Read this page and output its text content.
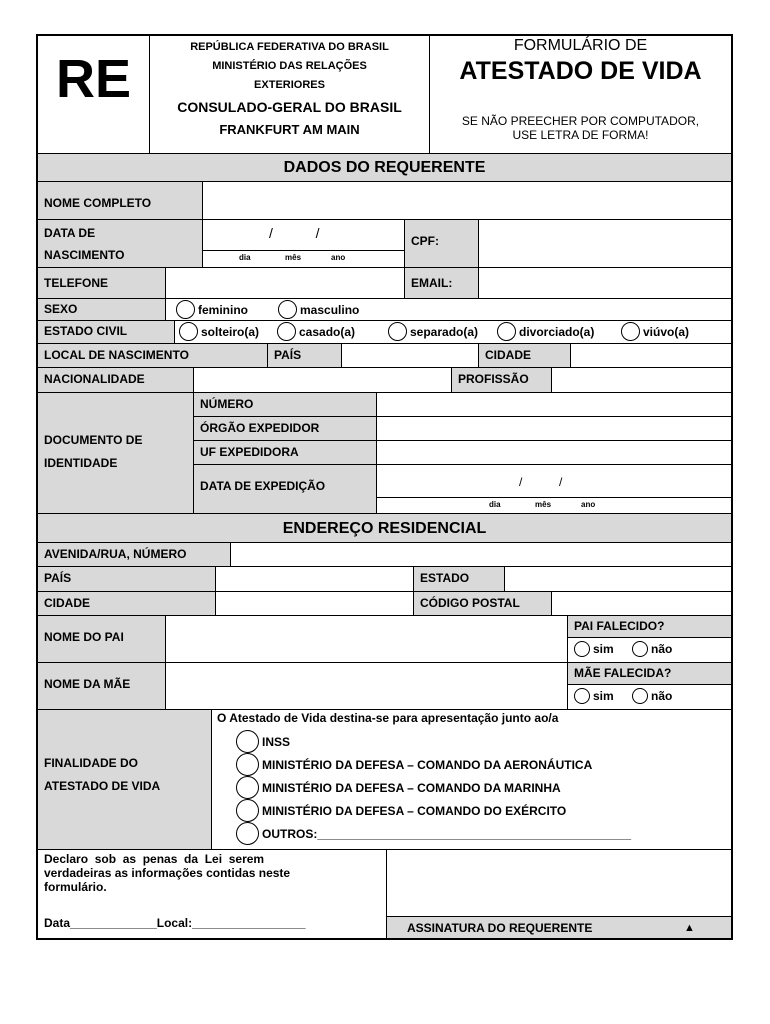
RE
REPÚBLICA FEDERATIVA DO BRASIL
MINISTÉRIO DAS RELAÇÕES
EXTERIORES
CONSULADO-GERAL DO BRASIL
FRANKFURT AM MAIN
FORMULÁRIO DE
ATESTADO DE VIDA
SE NÃO PREECHER POR COMPUTADOR,
USE LETRA DE FORMA!
DADOS DO REQUERENTE
NOME COMPLETO
DATA DE
NASCIMENTO
/           /
dia	mês	ano
CPF:
TELEFONE	EMAIL:
SEXO	feminino	masculino
ESTADO CIVIL	solteiro(a)	casado(a)	separado(a)	divorciado(a)	viúvo(a)
LOCAL DE NASCIMENTO	PAÍS	CIDADE
NACIONALIDADE	PROFISSÃO
DOCUMENTO DE
IDENTIDADE
NÚMERO
ÓRGÃO EXPEDIDOR
UF EXPEDIDORA
DATA DE EXPEDIÇÃO	/           /
dia	mês	ano
ENDEREÇO RESIDENCIAL
AVENIDA/RUA, NÚMERO
PAÍS	ESTADO
CIDADE	CÓDIGO POSTAL
NOME DO PAI
PAI FALECIDO?
sim	não
NOME DA MÃE
MÃE FALECIDA?
sim	não
FINALIDADE DO
ATESTADO DE VIDA
O Atestado de Vida destina-se para apresentação junto ao/a
INSS
MINISTÉRIO DA DEFESA – COMANDO DA AERONÁUTICA
MINISTÉRIO DA DEFESA – COMANDO DA MARINHA
MINISTÉRIO DA DEFESA – COMANDO DO EXÉRCITO
OUTROS:_______________________________________________
Declaro  sob  as  penas  da  Lei  serem
verdadeiras as informações contidas neste
formulário.
Data_____________Local:_________________	ASSINATURA DO REQUERENTE	▲
